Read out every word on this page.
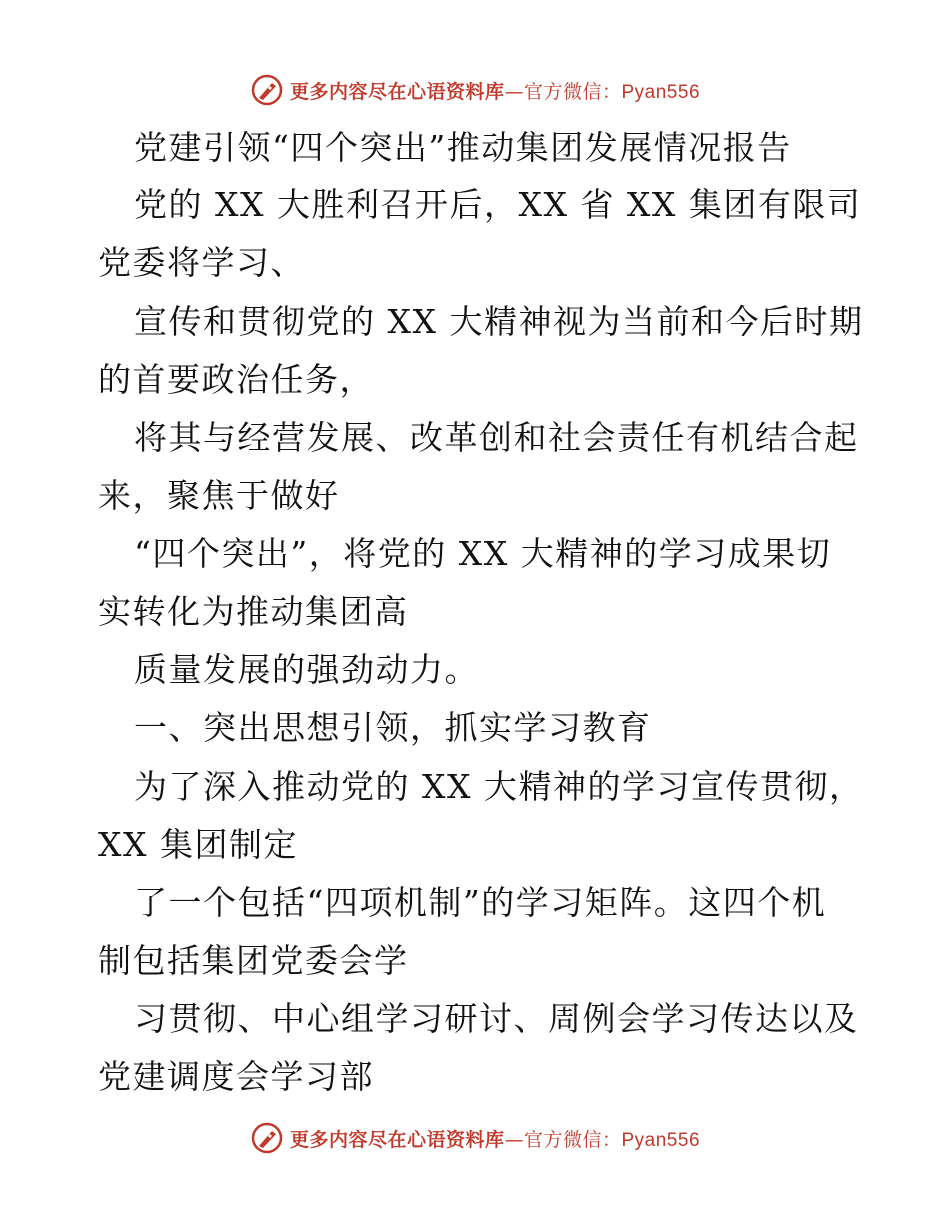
更多内容尽在心语资料库—官方微信：Pyan556
党建引领“四个突出”推动集团发展情况报告
党的 XX 大胜利召开后，XX 省 XX 集团有限司
党委将学习、
宣传和贯彻党的 XX 大精神视为当前和今后时期
的首要政治任务，
将其与经营发展、改革创和社会责任有机结合起
来，聚焦于做好
“四个突出”，将党的 XX 大精神的学习成果切
实转化为推动集团高
质量发展的强劲动力。
一、突出思想引领，抓实学习教育
为了深入推动党的 XX 大精神的学习宣传贯彻，
XX 集团制定
了一个包括“四项机制”的学习矩阵。这四个机
制包括集团党委会学
习贯彻、中心组学习研讨、周例会学习传达以及
党建调度会学习部
更多内容尽在心语资料库—官方微信：Pyan556
